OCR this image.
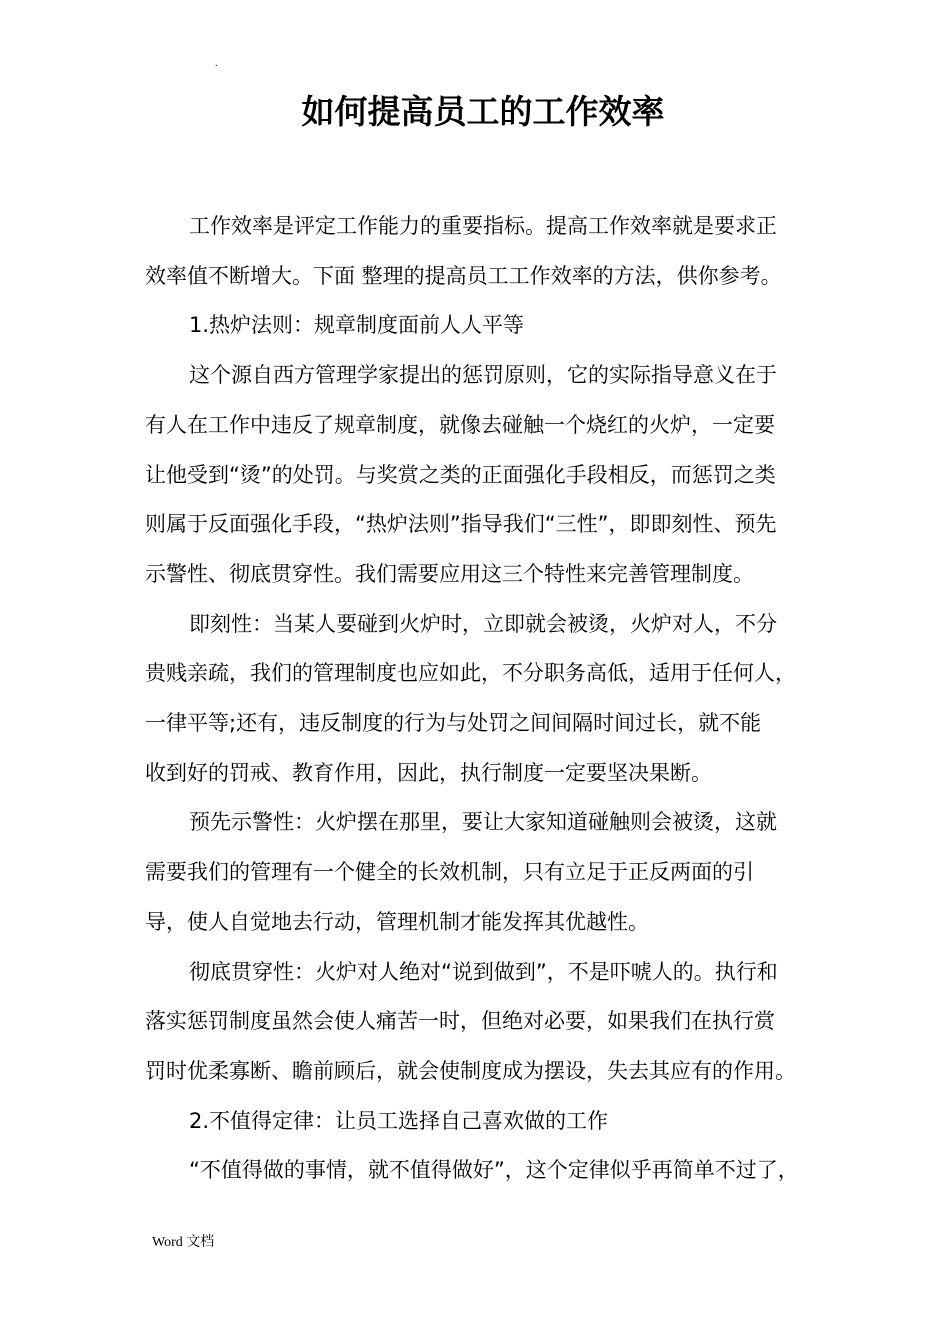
.
如何提高员工的工作效率

工作效率是评定工作能力的重要指标。提高工作效率就是要求正
效率值不断增大。下面 整理的提高员工工作效率的方法，供你参考。

1.热炉法则：规章制度面前人人平等

这个源自西方管理学家提出的惩罚原则，它的实际指导意义在于
有人在工作中违反了规章制度，就像去碰触一个烧红的火炉，一定要
让他受到“烫”的处罚。与奖赏之类的正面强化手段相反，而惩罚之类
则属于反面强化手段，“热炉法则”指导我们“三性”，即即刻性、预先
示警性、彻底贯穿性。我们需要应用这三个特性来完善管理制度。

即刻性：当某人要碰到火炉时，立即就会被烫，火炉对人，不分
贵贱亲疏，我们的管理制度也应如此，不分职务高低，适用于任何人，
一律平等;还有，违反制度的行为与处罚之间间隔时间过长，就不能
收到好的罚戒、教育作用，因此，执行制度一定要坚决果断。

预先示警性：火炉摆在那里，要让大家知道碰触则会被烫，这就
需要我们的管理有一个健全的长效机制，只有立足于正反两面的引
导，使人自觉地去行动，管理机制才能发挥其优越性。

彻底贯穿性：火炉对人绝对“说到做到”，不是吓唬人的。执行和
落实惩罚制度虽然会使人痛苦一时，但绝对必要，如果我们在执行赏
罚时优柔寡断、瞻前顾后，就会使制度成为摆设，失去其应有的作用。

2.不值得定律：让员工选择自己喜欢做的工作

“不值得做的事情，就不值得做好”，这个定律似乎再简单不过了，

Word 文档
